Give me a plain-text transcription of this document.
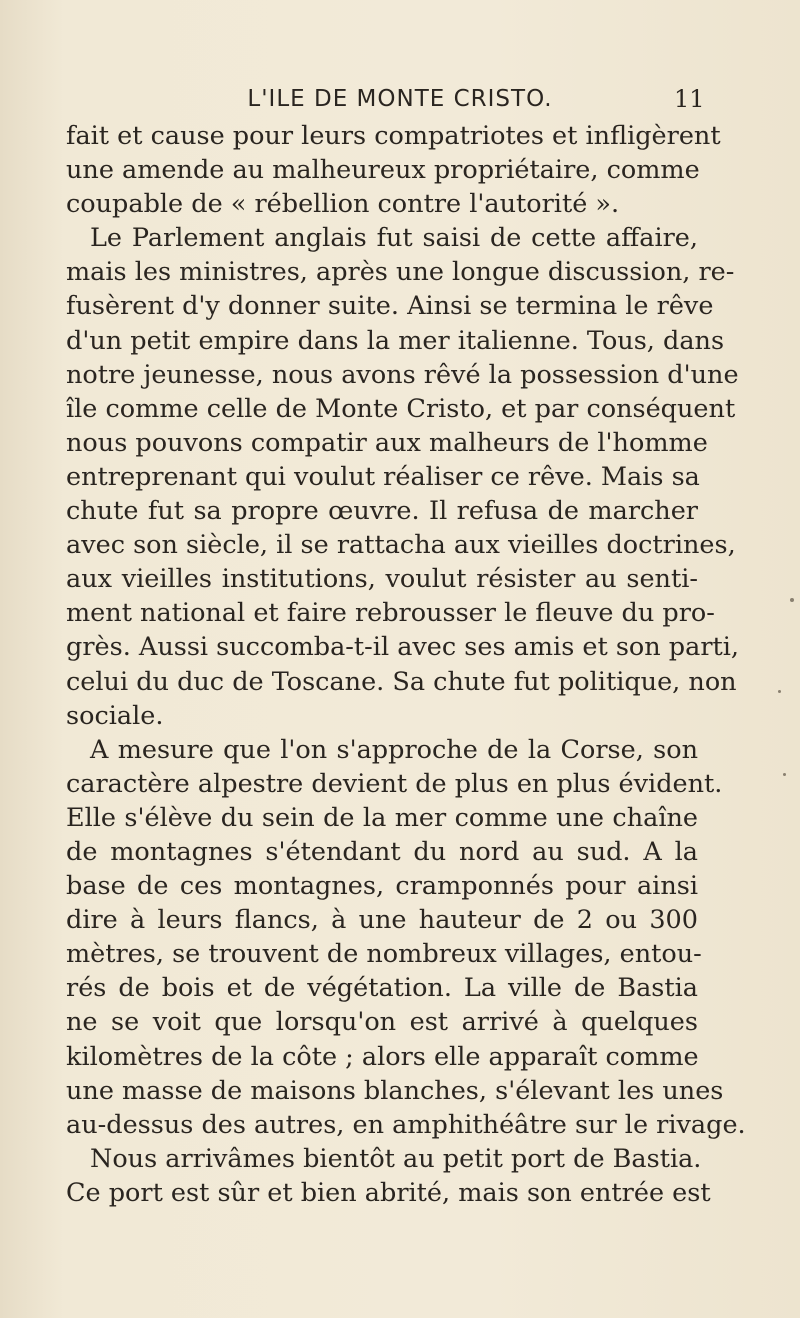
L'ILE DE MONTE CRISTO.	11
fait et cause pour leurs compatriotes et infligèrent
une amende au malheureux propriétaire, comme
coupable de « rébellion contre l'autorité ».
Le Parlement anglais fut saisi de cette affaire,
mais les ministres, après une longue discussion, re-
fusèrent d'y donner suite. Ainsi se termina le rêve
d'un petit empire dans la mer italienne. Tous, dans
notre jeunesse, nous avons rêvé la possession d'une
île comme celle de Monte Cristo, et par conséquent
nous pouvons compatir aux malheurs de l'homme
entreprenant qui voulut réaliser ce rêve. Mais sa
chute fut sa propre œuvre. Il refusa de marcher
avec son siècle, il se rattacha aux vieilles doctrines,
aux vieilles institutions, voulut résister au senti-
ment national et faire rebrousser le fleuve du pro-
grès. Aussi succomba-t-il avec ses amis et son parti,
celui du duc de Toscane. Sa chute fut politique, non
sociale.
A mesure que l'on s'approche de la Corse, son
caractère alpestre devient de plus en plus évident.
Elle s'élève du sein de la mer comme une chaîne
de montagnes s'étendant du nord au sud. A la
base de ces montagnes, cramponnés pour ainsi
dire à leurs flancs, à une hauteur de 2 ou 300
mètres, se trouvent de nombreux villages, entou-
rés de bois et de végétation. La ville de Bastia
ne se voit que lorsqu'on est arrivé à quelques
kilomètres de la côte ; alors elle apparaît comme
une masse de maisons blanches, s'élevant les unes
au-dessus des autres, en amphithéâtre sur le rivage.
Nous arrivâmes bientôt au petit port de Bastia.
Ce port est sûr et bien abrité, mais son entrée est
